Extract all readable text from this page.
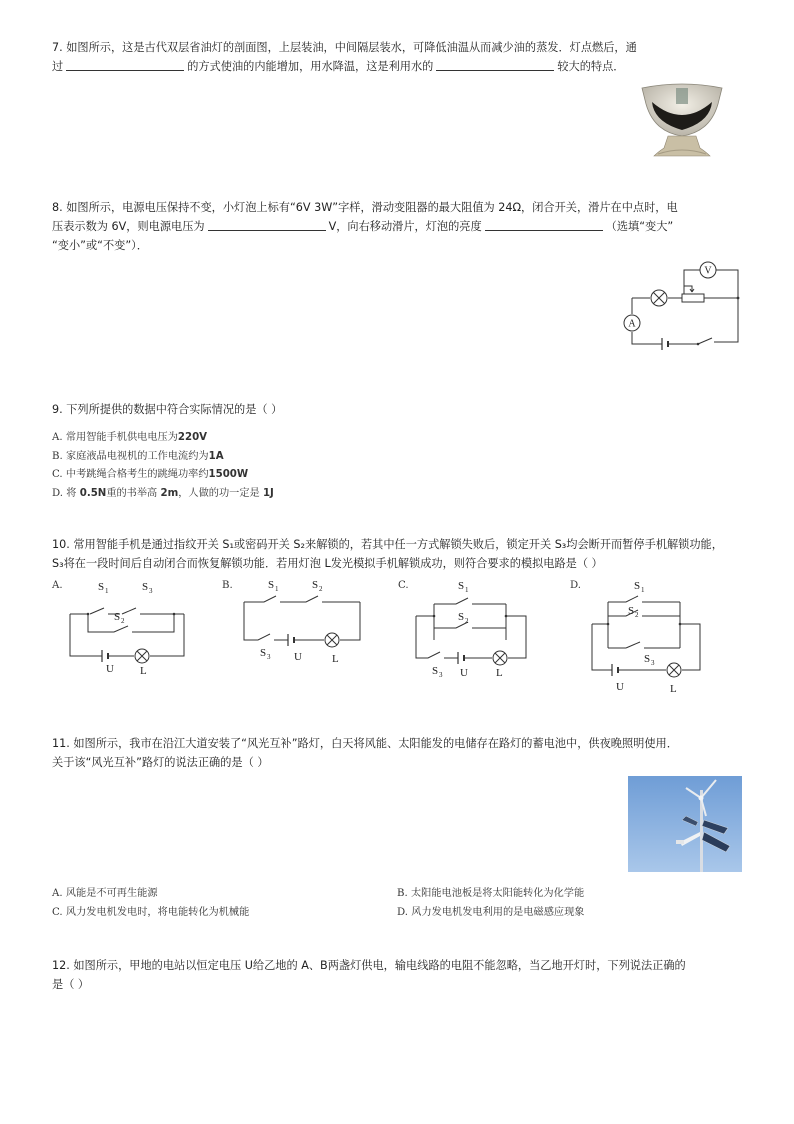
7. 如图所示，这是古代双层省油灯的剖面图，上层装油，中间隔层装水，可降低油温从而减少油的蒸发．灯点燃后，通
过	的方式使油的内能增加，用水降温，这是利用水的	较大的特点．
8. 如图所示，电源电压保持不变，小灯泡上标有“6V 3W”字样，滑动变阻器的最大阻值为 24Ω，闭合开关，滑片在中点时，电
压表示数为 6V，则电源电压为	V，向右移动滑片，灯泡的亮度	（选填“变大”
“变小”或“不变”）．
A
V
9. 下列所提供的数据中符合实际情况的是（ ）
A. 常用智能手机供电电压为220V
B. 家庭液晶电视机的工作电流约为1A
C. 中考跳绳合格考生的跳绳功率约1500W
D. 将 0.5N重的书举高 2m，人做的功一定是 1J
10. 常用智能手机是通过指纹开关 S₁或密码开关 S₂来解锁的，若其中任一方式解锁失败后，锁定开关 S₃均会断开而暂停手机解锁功能，
S₃将在一段时间后自动闭合而恢复解锁功能．若用灯泡 L发光模拟手机解锁成功，则符合要求的模拟电路是（ ）
A.	S 1	S 3
S 2
U L
B.	S 1	S 2
S 3 U	L
C.	S 1
S 2
S 3 U	L
D.	S 1
S 2
S 3
U	L
11. 如图所示，我市在沿江大道安装了“风光互补”路灯，白天将风能、太阳能发的电储存在路灯的蓄电池中，供夜晚照明使用．
关于该“风光互补”路灯的说法正确的是（ ）
A. 风能是不可再生能源	B. 太阳能电池板是将太阳能转化为化学能
C. 风力发电机发电时，将电能转化为机械能	D. 风力发电机发电利用的是电磁感应现象
12. 如图所示，甲地的电站以恒定电压 U给乙地的 A、B两盏灯供电，输电线路的电阻不能忽略，当乙地开灯时，下列说法正确的
是（ ）
